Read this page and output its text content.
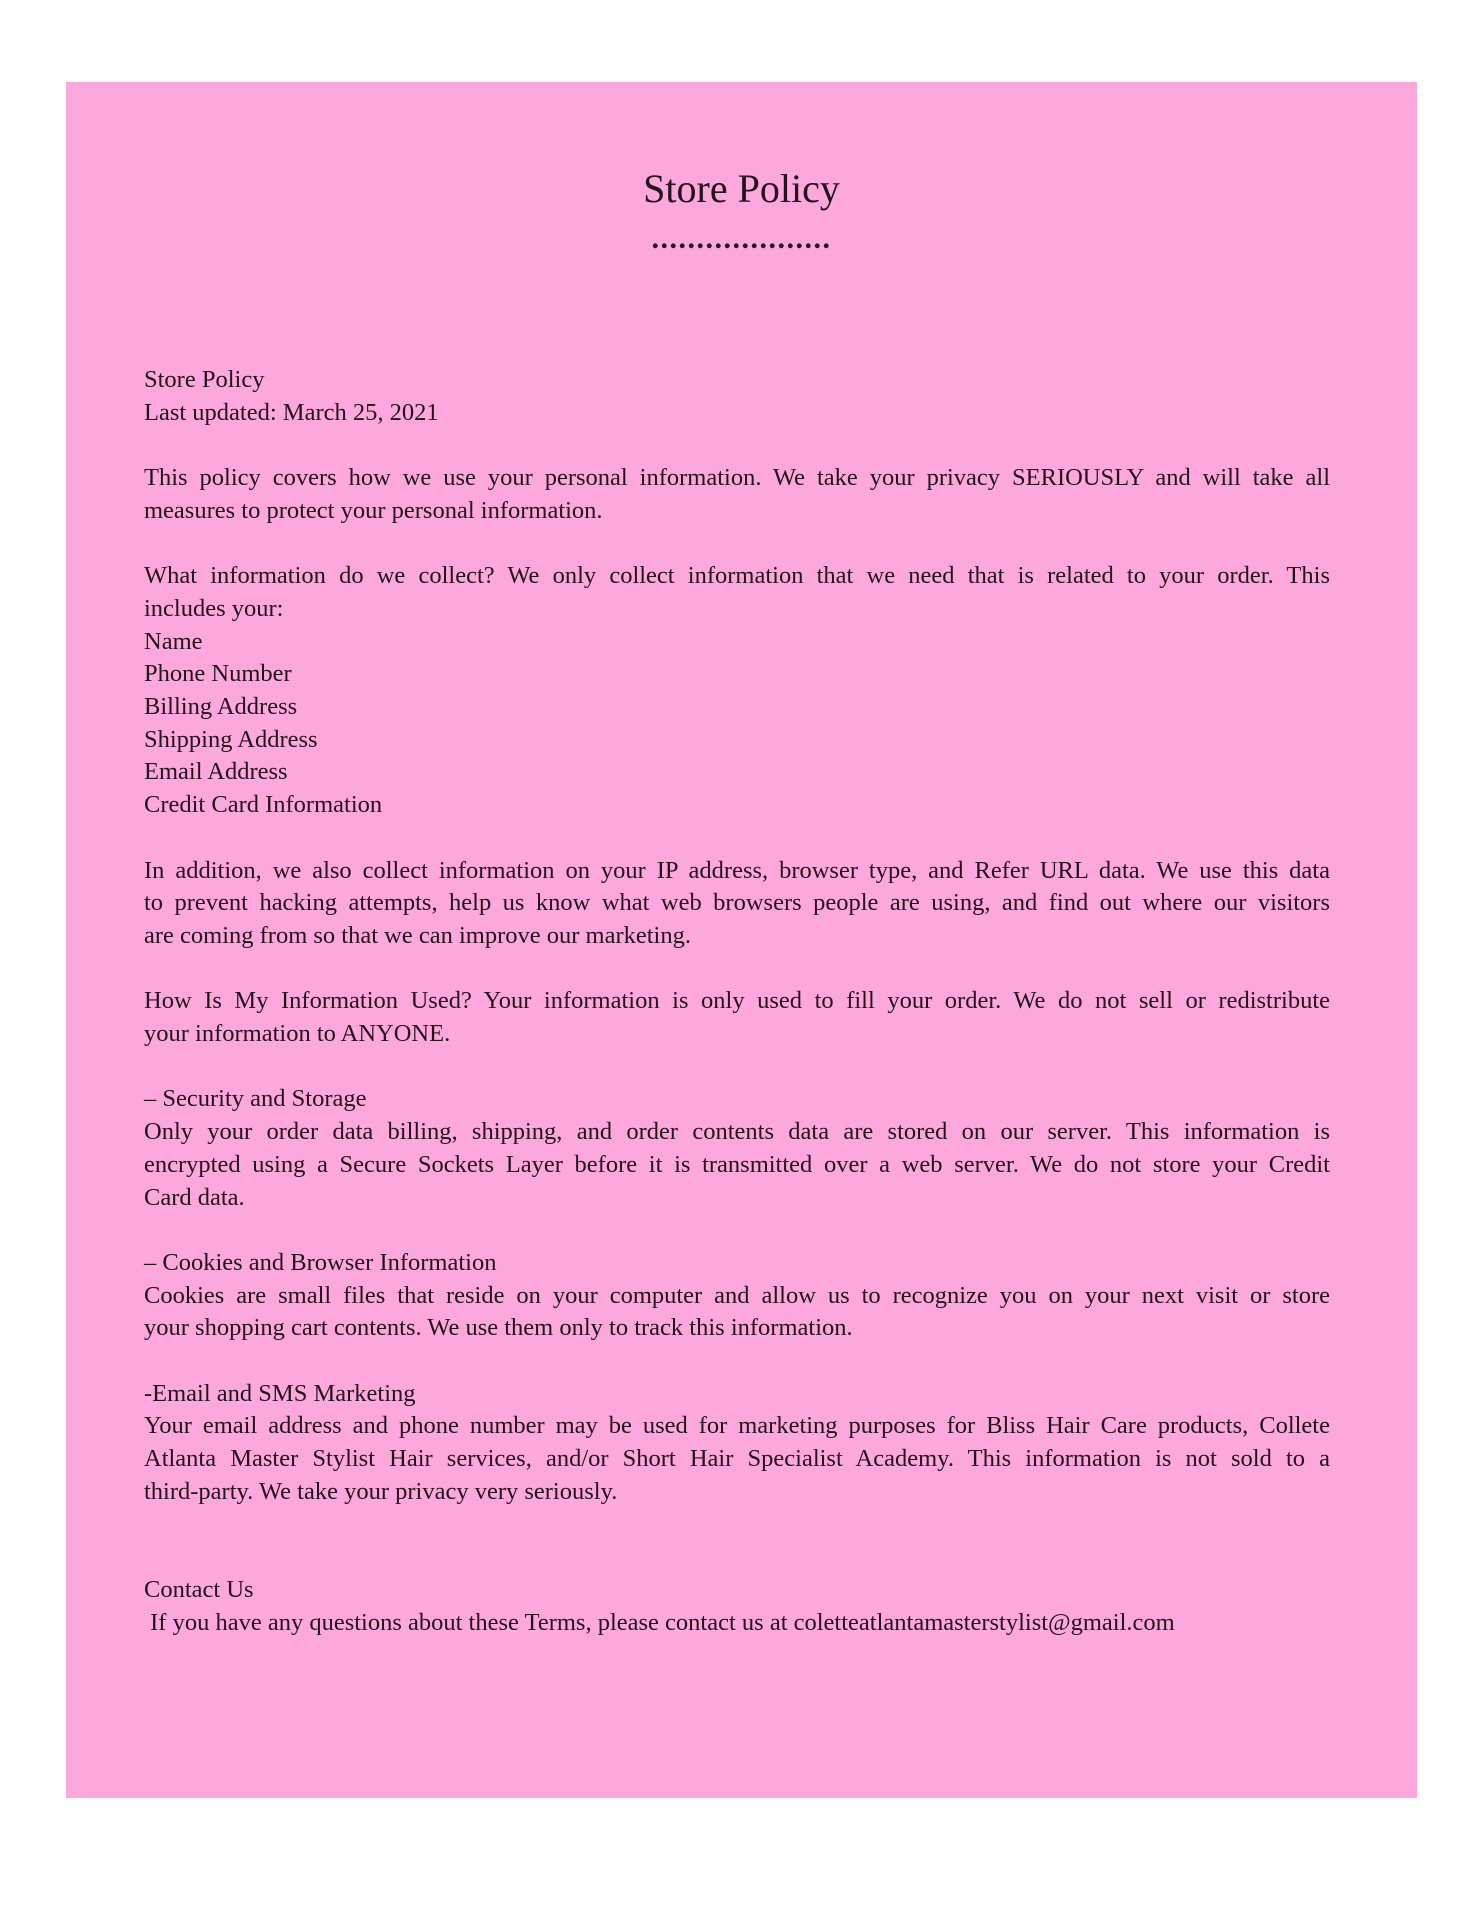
Store Policy
....................
Store Policy
Last updated: March 25, 2021
This policy covers how we use your personal information. We take your privacy SERIOUSLY and will take all
measures to protect your personal information.
What information do we collect? We only collect information that we need that is related to your order. This
includes your:
Name
Phone Number
Billing Address
Shipping Address
Email Address
Credit Card Information
In addition, we also collect information on your IP address, browser type, and Refer URL data. We use this data
to prevent hacking attempts, help us know what web browsers people are using, and find out where our visitors
are coming from so that we can improve our marketing.
How Is My Information Used? Your information is only used to fill your order. We do not sell or redistribute
your information to ANYONE.
– Security and Storage
Only your order data billing, shipping, and order contents data are stored on our server. This information is
encrypted using a Secure Sockets Layer before it is transmitted over a web server. We do not store your Credit
Card data.
– Cookies and Browser Information
Cookies are small files that reside on your computer and allow us to recognize you on your next visit or store
your shopping cart contents. We use them only to track this information.
-Email and SMS Marketing
Your email address and phone number may be used for marketing purposes for Bliss Hair Care products, Collete
Atlanta Master Stylist Hair services, and/or Short Hair Specialist Academy. This information is not sold to a
third-party. We take your privacy very seriously.
Contact Us
If you have any questions about these Terms, please contact us at coletteatlantamasterstylist@gmail.com
